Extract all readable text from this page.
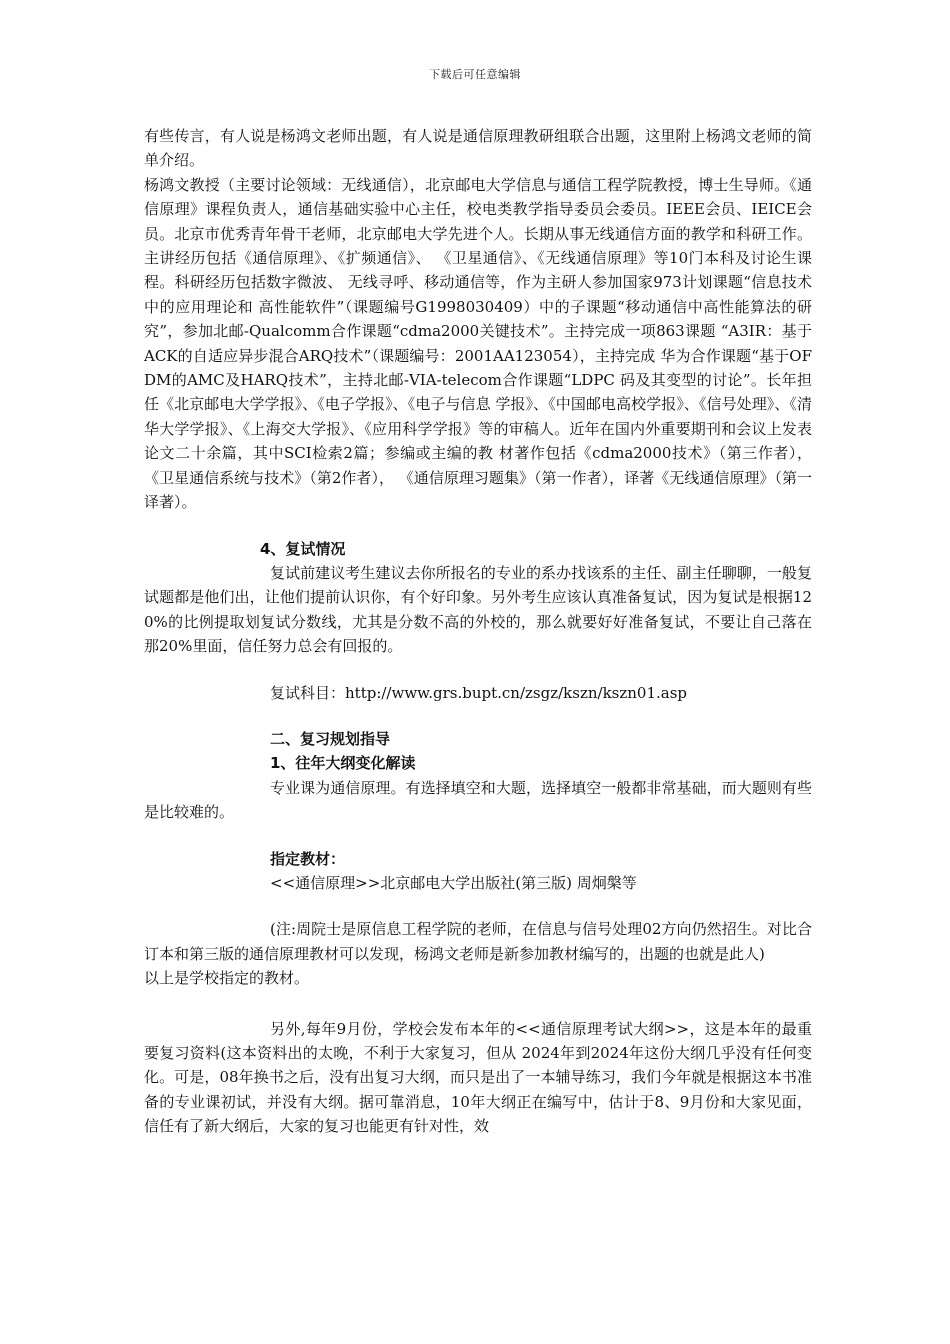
下载后可任意编辑

有些传言，有人说是杨鸿文老师出题，有人说是通信原理教研组联合出题，这里附上杨鸿文老师的简单介绍。

杨鸿文教授（主要讨论领域：无线通信），北京邮电大学信息与通信工程学院教授，博士生导师。《通信原理》课程负责人，通信基础实验中心主任，校电类教学指导委员会委员。IEEE会员、IEICE会员。北京市优秀青年骨干老师，北京邮电大学先进个人。长期从事无线通信方面的教学和科研工作。主讲经历包括《通信原理》、《扩频通信》、 《卫星通信》、《无线通信原理》等10门本科及讨论生课程。科研经历包括数字微波、 无线寻呼、移动通信等，作为主研人参加国家973计划课题“信息技术中的应用理论和 高性能软件”（课题编号G1998030409）中的子课题“移动通信中高性能算法的研 究”，参加北邮-Qualcomm合作课题“cdma2000关键技术”。主持完成一项863课题 “A3IR：基于ACK的自适应异步混合ARQ技术”（课题编号：2001AA123054），主持完成 华为合作课题“基于OFDM的AMC及HARQ技术”，主持北邮-VIA-telecom合作课题“LDPC 码及其变型的讨论”。长年担任《北京邮电大学学报》、《电子学报》、《电子与信息 学报》、《中国邮电高校学报》、《信号处理》、《清华大学学报》、《上海交大学报》、《应用科学学报》等的审稿人。近年在国内外重要期刊和会议上发表论文二十余篇，其中SCI检索2篇；参编或主编的教 材著作包括《cdma2000技术》（第三作者），《卫星通信系统与技术》（第2作者）， 《通信原理习题集》（第一作者），译著《无线通信原理》（第一译著）。

4、复试情况

复试前建议考生建议去你所报名的专业的系办找该系的主任、副主任聊聊，一般复试题都是他们出，让他们提前认识你，有个好印象。另外考生应该认真准备复试，因为复试是根据120%的比例提取划复试分数线，尤其是分数不高的外校的，那么就要好好准备复试，不要让自己落在那20%里面，信任努力总会有回报的。

复试科目：http://www.grs.bupt.cn/zsgz/kszn/kszn01.asp

二、复习规划指导

1、往年大纲变化解读

专业课为通信原理。有选择填空和大题，选择填空一般都非常基础，而大题则有些是比较难的。

指定教材：

<<通信原理>>北京邮电大学出版社(第三版) 周炯槃等

(注:周院士是原信息工程学院的老师，在信息与信号处理02方向仍然招生。对比合订本和第三版的通信原理教材可以发现，杨鸿文老师是新参加教材编写的，出题的也就是此人)

以上是学校指定的教材。

另外,每年9月份，学校会发布本年的<<通信原理考试大纲>>，这是本年的最重要复习资料(这本资料出的太晚，不利于大家复习，但从 2024年到2024年这份大纲几乎没有任何变化。可是，08年换书之后，没有出复习大纲，而只是出了一本辅导练习，我们今年就是根据这本书准备的专业课初试，并没有大纲。据可靠消息，10年大纲正在编写中，估计于8、9月份和大家见面，信任有了新大纲后，大家的复习也能更有针对性，效
